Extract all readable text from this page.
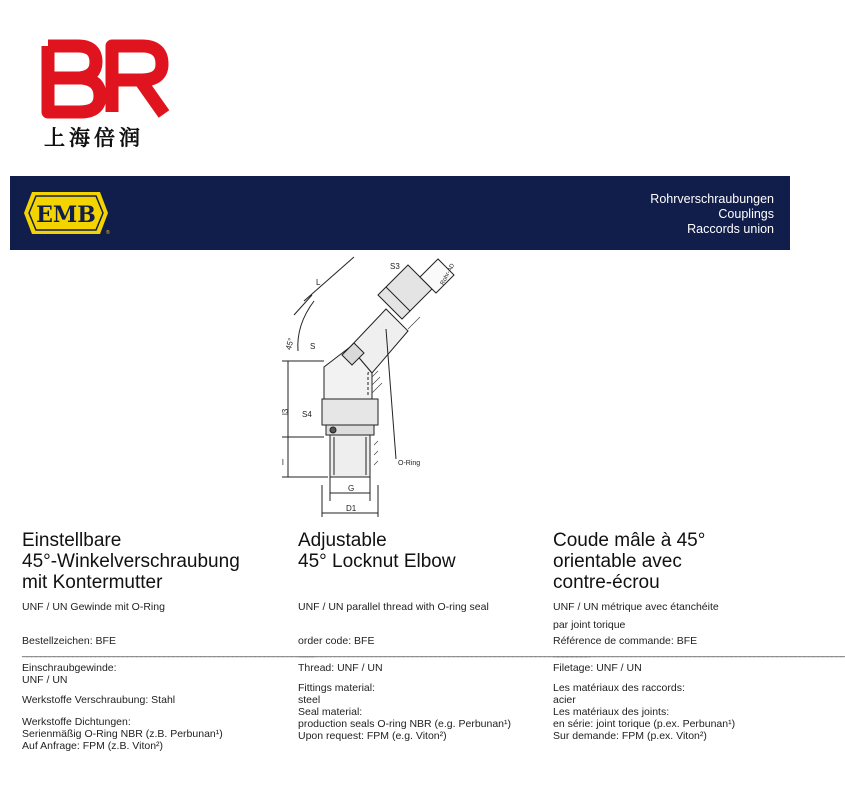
上海倍润
EMB
®
Rohrverschraubungen
Couplings
Raccords union
S3	Rohr-AD
L
45° S
l3 S4
l	O-Ring
G
D1
Einstellbare
45°-Winkelverschraubung
mit Kontermutter
UNF / UN Gewinde mit O-Ring
Bestellzeichen: BFE
________________________________________________________________
Einschraubgewinde:
UNF / UN
Werkstoffe Verschraubung: Stahl
Werkstoffe Dichtungen:
Serienmäßig O-Ring NBR (z.B. Perbunan¹)
Auf Anfrage: FPM (z.B. Viton²)
Adjustable
45° Locknut Elbow
UNF / UN parallel thread with O-ring seal
order code: BFE
________________________________________________________________
Thread: UNF / UN
Fittings material:
steel
Seal material:
production seals O-ring NBR (e.g. Perbunan¹)
Upon request: FPM (e.g. Viton²)
Coude mâle à 45°
orientable avec
contre-écrou
UNF / UN métrique avec étanchéite
par joint torique
Référence de commande: BFE
________________________________________________________________
Filetage: UNF / UN
Les matériaux des raccords:
acier
Les matériaux des joints:
en série: joint torique (p.ex. Perbunan¹)
Sur demande: FPM (p.ex. Viton²)
